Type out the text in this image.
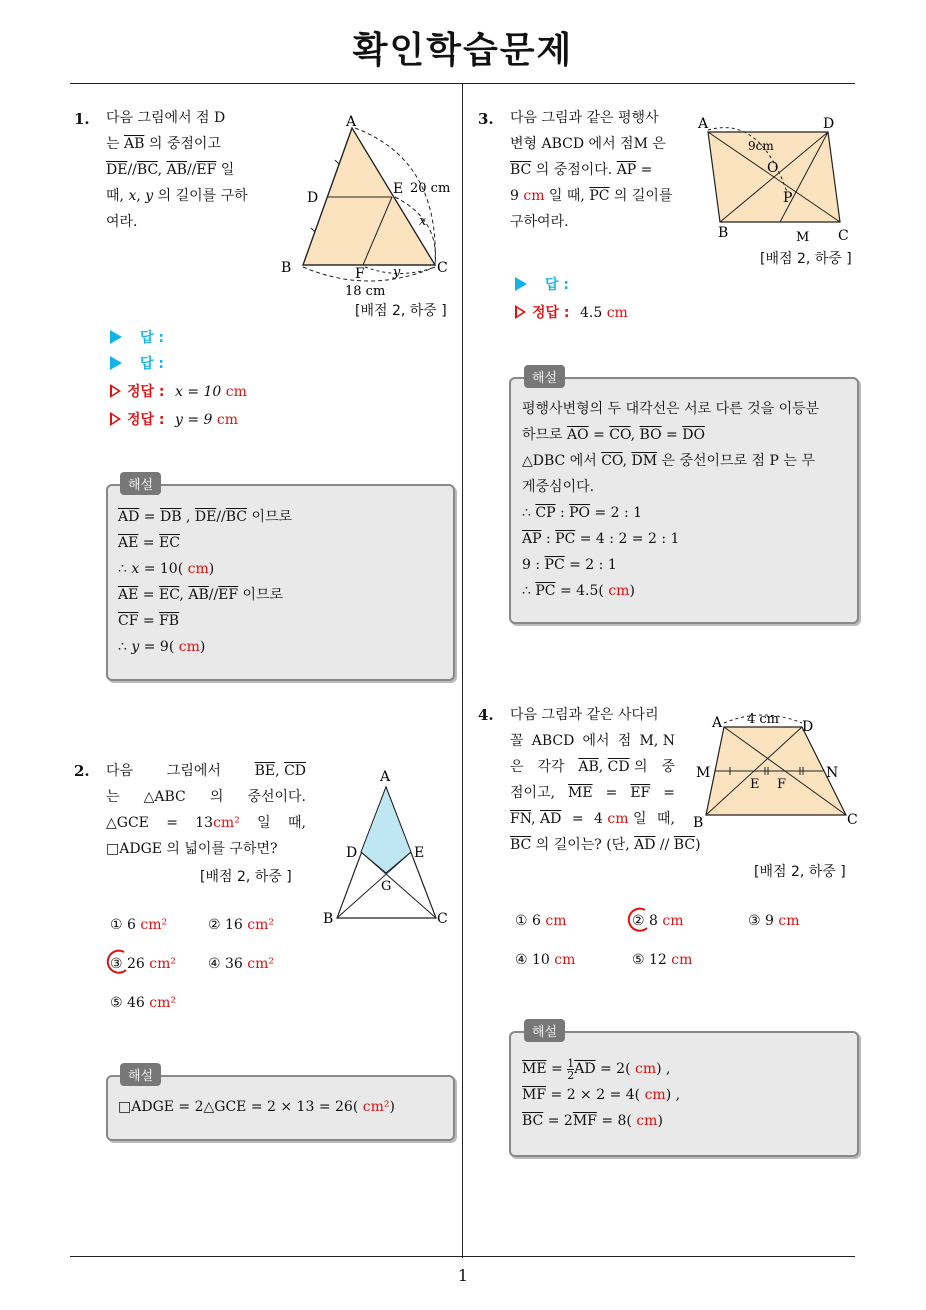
확인학습문제
1
1. 다음 그림에서 점 D
는 $\overline{AB}$ 의 중점이고
$\overline{DE}//\overline{BC}$, $\overline{AB}//\overline{EF}$ 일
때, x, y 의 길이를 구하
여라.
A
D
E
B	C
F
x
y
20 cm
18 cm
[배점 2, 하중 ]
답 :
답 :
정답 : x = 10 cm
정답 : y = 9 cm
해설
$\overline{AD} = \overline{DB}$ , $\overline{DE}//\overline{BC}$ 이므로
$\overline{AE} = \overline{EC}$
∴ x = 10( cm)
$\overline{AE} = \overline{EC}$, $\overline{AB}//\overline{EF}$ 이므로
$\overline{CF} = \overline{FB}$
∴ y = 9( cm)
2. 다음 그림에서 $\overline{BE}$, $\overline{CD}$
는 △ABC 의 중선이다.
△GCE = 13cm² 일 때,
□ADGE 의 넓이를 구하면?
[배점 2, 하중 ]
A
D	E
G
B	C
① 6 cm²	② 16 cm²
③ 26 cm² ④ 36 cm²
⑤ 46 cm²
해설
□ADGE = 2△GCE = 2 × 13 = 26( cm²)
3. 다음 그림과 같은 평행사
변형 ABCD 에서 점M 은
$\overline{BC}$ 의 중점이다. $\overline{AP}$ =
9 cm 일 때, $\overline{PC}$ 의 길이를
구하여라.
A	D
B	C
M
O
P
9cm
[배점 2, 하중 ]
답 :
정답 : 4.5 cm
해설
평행사변형의 두 대각선은 서로 다른 것을 이등분
하므로 $\overline{AO} = \overline{CO}$, $\overline{BO} = \overline{DO}$
△DBC 에서 $\overline{CO}$, $\overline{DM}$ 은 중선이므로 점 P 는 무
게중심이다.
∴ $\overline{CP}$ : $\overline{PO} = 2$ : 1
$\overline{AP}$ : $\overline{PC} = 4$ : 2 = 2 : 1
9 : $\overline{PC} = 2$ : 1
∴ $\overline{PC} = 4.5$( cm)
4. 다음 그림과 같은 사다리
꼴 ABCD 에서 점 M, N
은 각각 $\overline{AB}$, $\overline{CD}$ 의 중
점이고, $\overline{ME} = \overline{EF}$ =
$\overline{FN}$, $\overline{AD} = 4$ cm 일 때,
$\overline{BC}$ 의 길이는? (단, $\overline{AD} // \overline{BC}$)
A	D
B	C
M	N
E F
4 cm
[배점 2, 하중 ]
① 6 cm	② 8 cm	③ 9 cm
④ 10 cm	⑤ 12 cm
해설
$\overline{ME} = \frac{1}{2} \overline{AD} = 2$( cm) ,
$\overline{MF} = 2 \times 2 = 4$( cm) ,
$\overline{BC} = 2\overline{MF} = 8$( cm)
